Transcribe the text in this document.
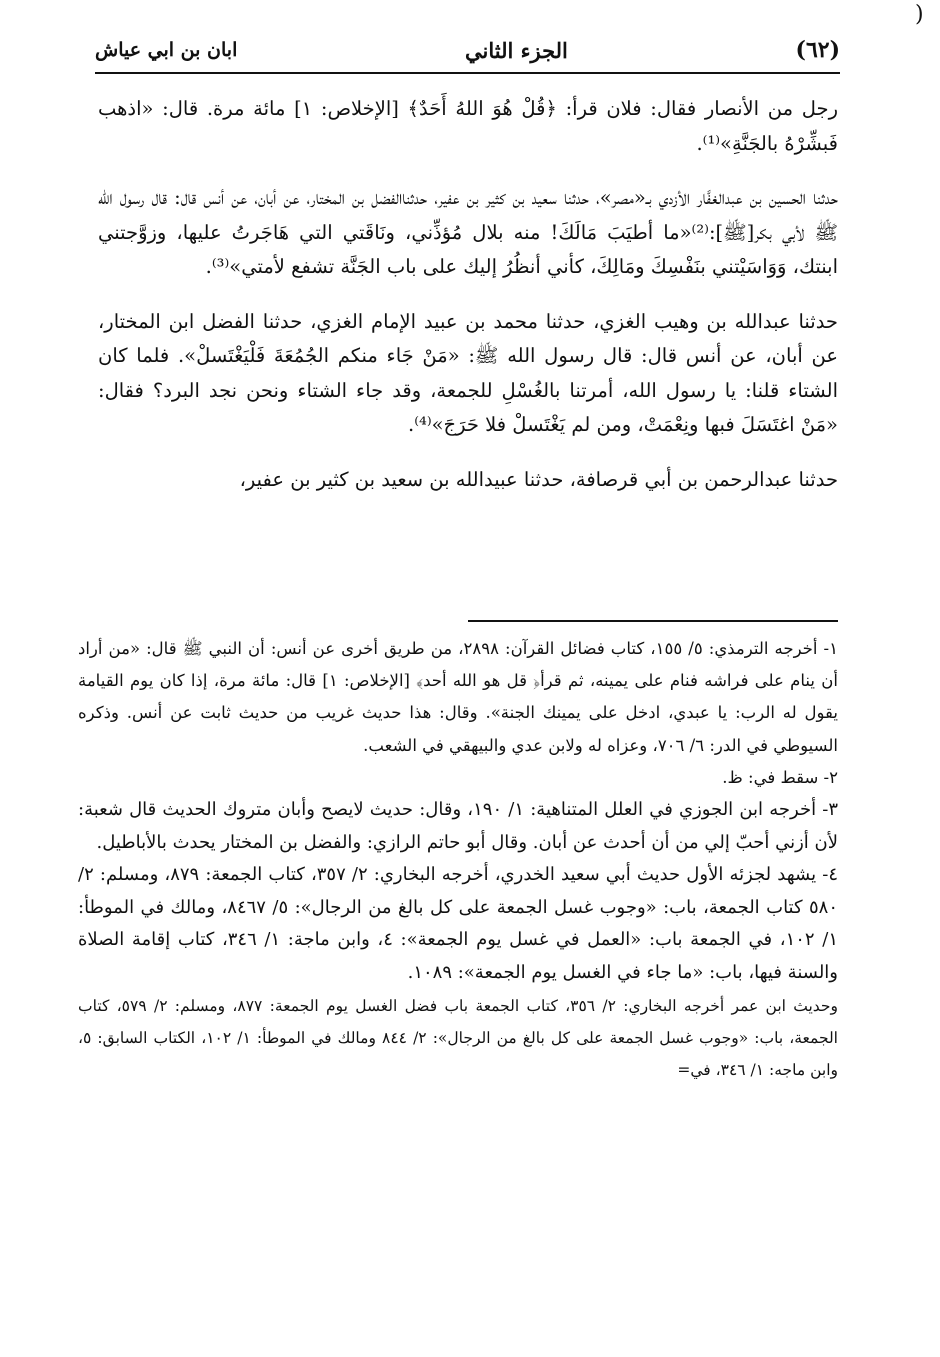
(
(٦٢)
الجزء الثاني
ابان بن ابي عياش

رجل من الأنصار فقال: فلان قرأ: ﴿قُلْ هُوَ اللهُ أَحَدٌ﴾ [الإخلاص: ١] مائة مرة. قال: «اذهب فَبشِّرْهُ بالجَنَّةِ»⁽¹⁾.

حدثنا الحسين بن عبدالغفَّار الأزدي بـ«مصر»، حدثنا سعيد بن كثير بن عفير، حدثناالفضل بن المختار، عن أبان، عن أنس قال: قال رسول الله ﷺ لأبي بكر[ﷺ]:⁽²⁾«ما أطيَبَ مَالَكَ! منه بلال مُؤذِّني، ونَاقَتي التي هَاجَرتُ عليها، وزوَّجتني ابنتك، وَوَاسَيْتني بنَفْسِكَ ومَالِكَ، كأني أنظُرُ إليك على باب الجَنَّة تشفع لأمتي»⁽³⁾.

حدثنا عبدالله بن وهيب الغزي، حدثنا محمد بن عبيد الإمام الغزي، حدثنا الفضل ابن المختار، عن أبان، عن أنس قال: قال رسول الله ﷺ: «مَنْ جَاء منكم الجُمُعَةَ فَلْيَغْتَسلْ». فلما كان الشتاء قلنا: يا رسول الله، أمرتنا بالغُسْلِ للجمعة، وقد جاء الشتاء ونحن نجد البرد؟ فقال: «مَنْ اغتَسَلَ فبها ونِعْمَتْ، ومن لم يَغْتَسلْ فلا حَرَجَ»⁽⁴⁾.

حدثنا عبدالرحمن بن أبي قرصافة، حدثنا عبيدالله بن سعيد بن كثير بن عفير،

١- أخرجه الترمذي: ٥/ ١٥٥، كتاب فضائل القرآن: ٢٨٩٨، من طريق أخرى عن أنس: أن النبي ﷺ قال: «من أراد أن ينام على فراشه فنام على يمينه، ثم قرأ﴿ قل هو الله أحد﴾ [الإخلاص: ١] قال: مائة مرة، إذا كان يوم القيامة يقول له الرب: يا عبدي، ادخل على يمينك الجنة». وقال: هذا حديث غريب من حديث ثابت عن أنس. وذكره السيوطي في الدر: ٦/ ٧٠٦، وعزاه له ولابن عدي والبيهقي في الشعب.

٢- سقط في: ظ.

٣- أخرجه ابن الجوزي في العلل المتناهية: ١/ ١٩٠، وقال: حديث لايصح وأبان متروك الحديث قال شعبة: لأن أزني أحبّ إلي من أن أحدث عن أبان. وقال أبو حاتم الرازي: والفضل بن المختار يحدث بالأباطيل.

٤- يشهد لجزئه الأول حديث أبي سعيد الخدري، أخرجه البخاري: ٢/ ٣٥٧، كتاب الجمعة: ٨٧٩، ومسلم: ٢/ ٥٨٠ كتاب الجمعة، باب: «وجوب غسل الجمعة على كل بالغ من الرجال»: ٥/ ٨٤٦٧، ومالك في الموطأ: ١/ ١٠٢، في الجمعة باب: «العمل في غسل يوم الجمعة»: ٤، وابن ماجة: ١/ ٣٤٦، كتاب إقامة الصلاة والسنة فيها، باب: «ما جاء في الغسل يوم الجمعة»: ١٠٨٩.

وحديث ابن عمر أخرجه البخاري: ٢/ ٣٥٦، كتاب الجمعة باب فضل الغسل يوم الجمعة: ٨٧٧، ومسلم: ٢/ ٥٧٩، كتاب الجمعة، باب: «وجوب غسل الجمعة على كل بالغ من الرجال»: ٢/ ٨٤٤ ومالك في الموطأ: ١/ ١٠٢، الكتاب السابق: ٥، وابن ماجه: ١/ ٣٤٦، في=
